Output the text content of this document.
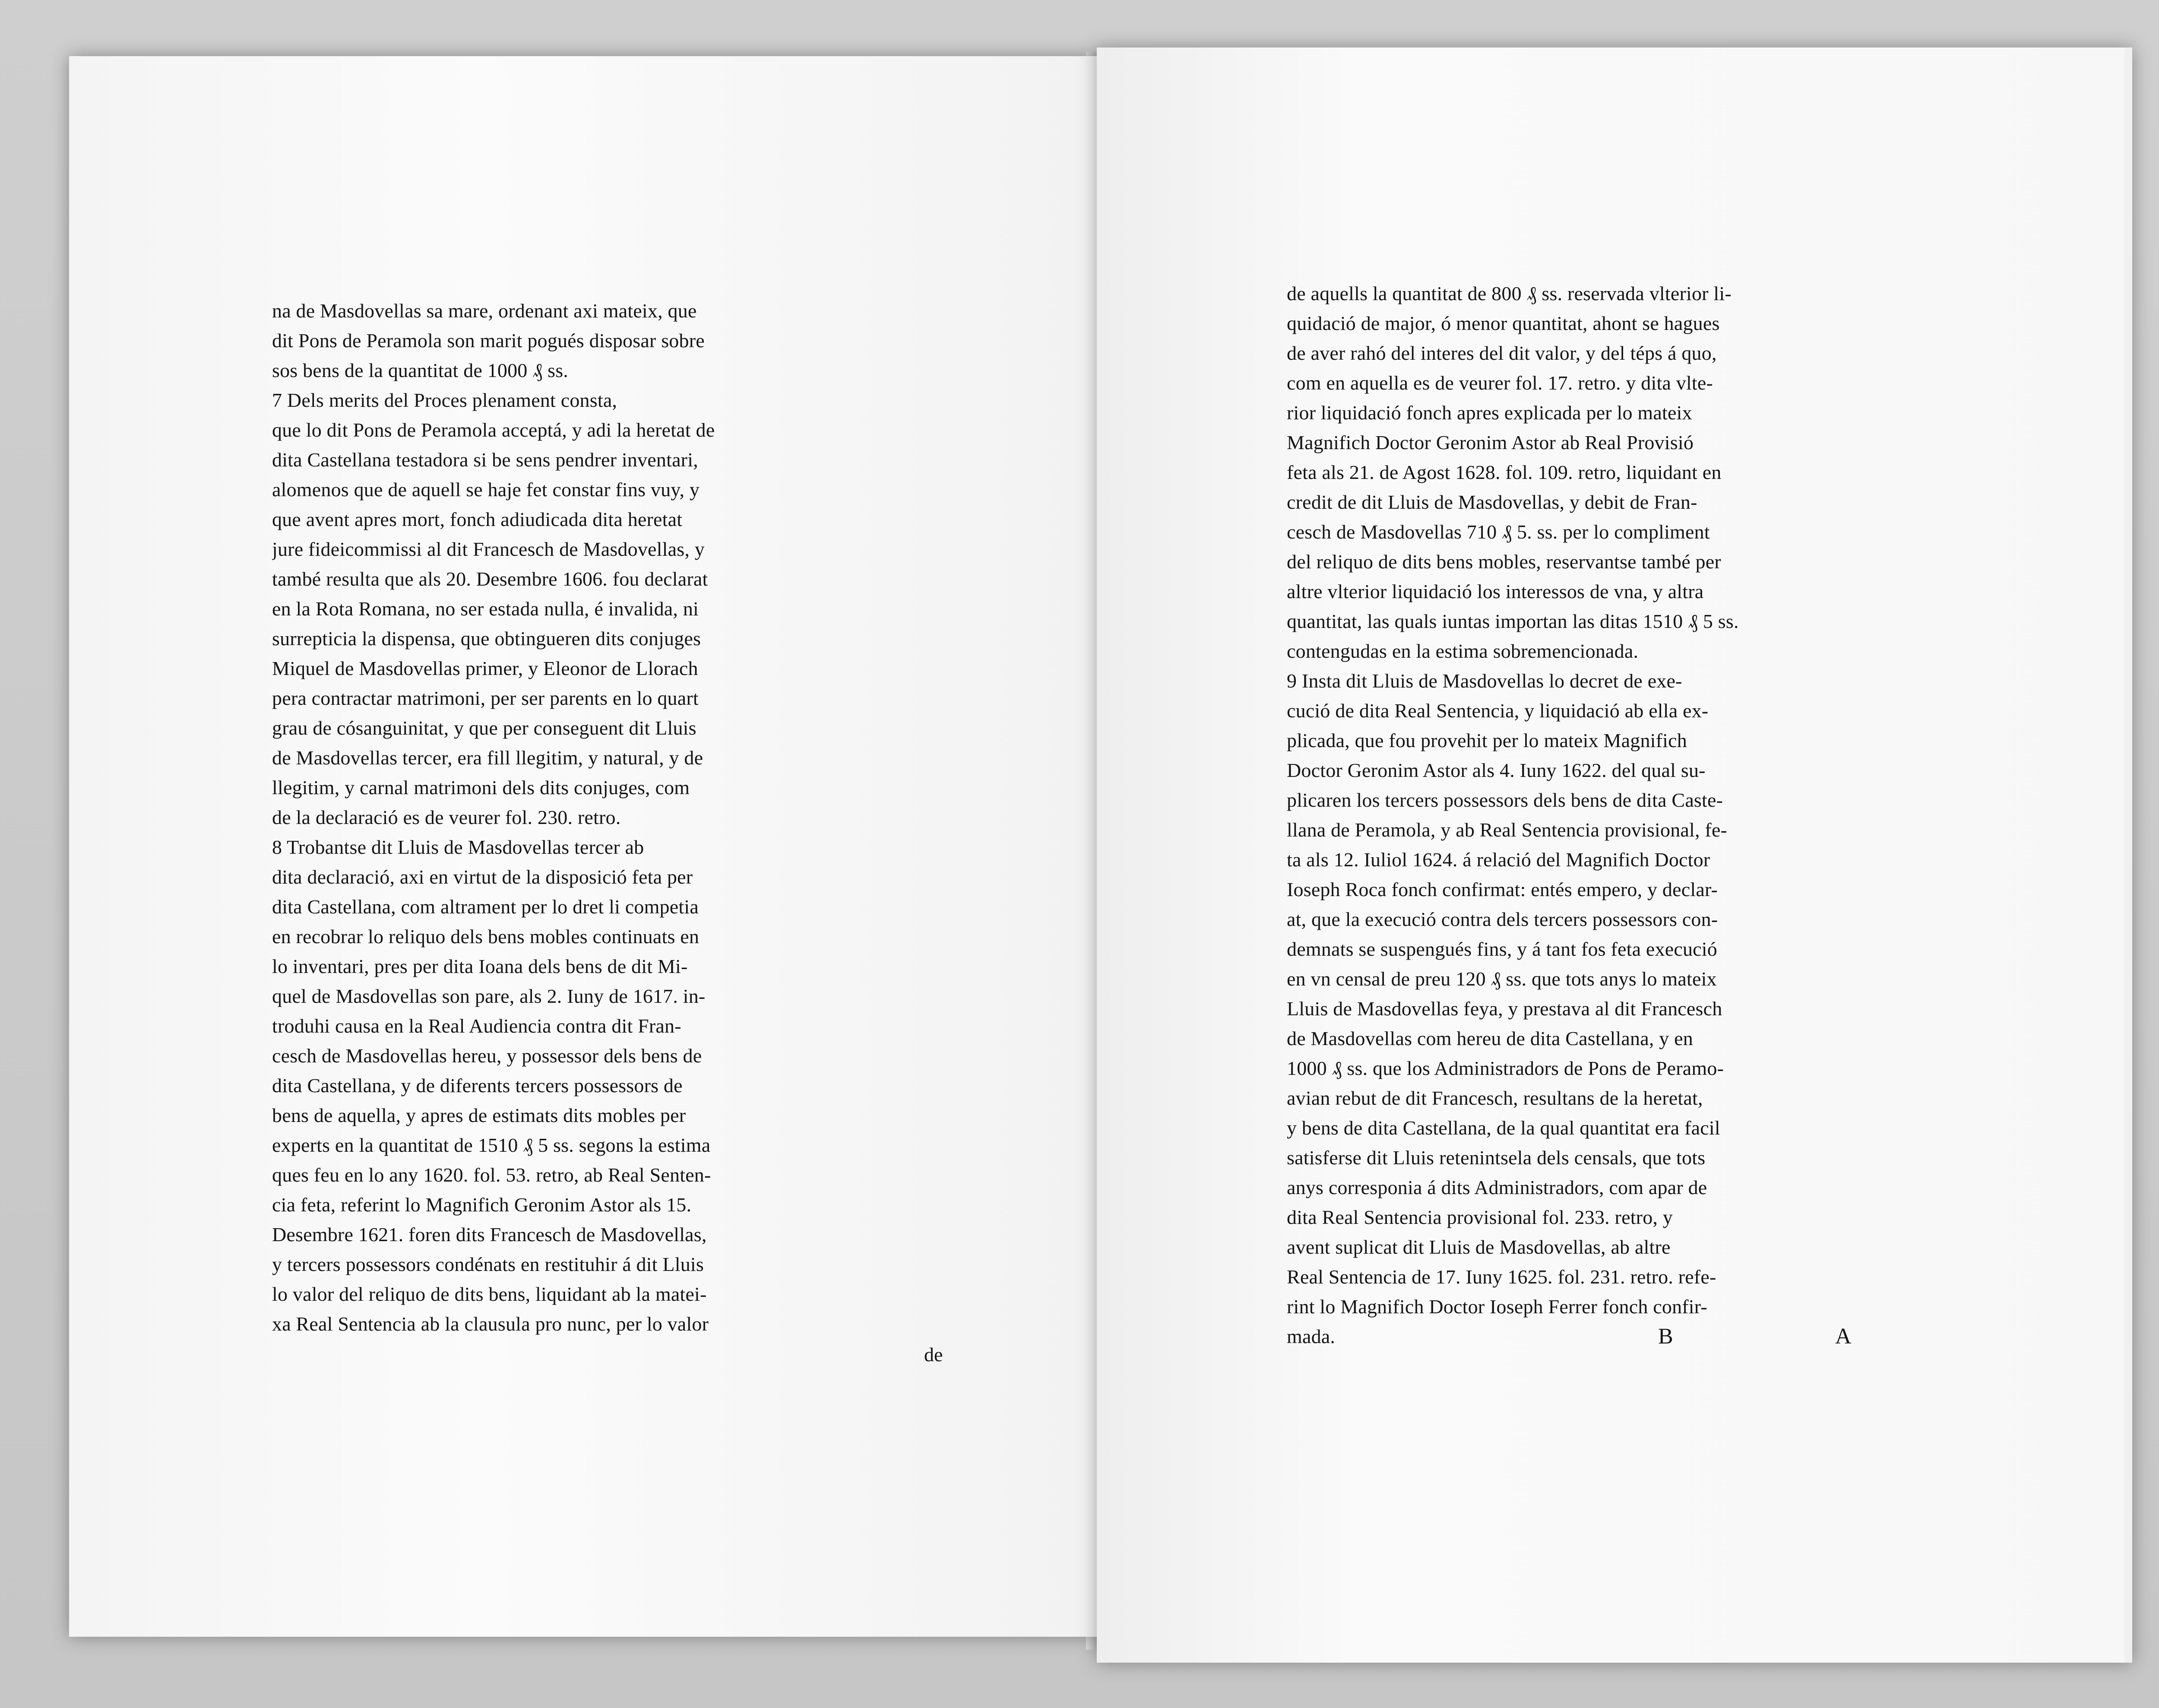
na de Masdovellas sa mare, ordenant axi mateix, que
dit Pons de Peramola son marit pogués disposar sobre
sos bens de la quantitat de 1000 ₰ ss.
7 Dels merits del Proces plenament consta,
que lo dit Pons de Peramola acceptá, y adi la heretat de
dita Castellana testadora si be sens pendrer inventari,
alomenos que de aquell se haje fet constar fins vuy, y
que avent apres mort, fonch adiudicada dita heretat
jure fideicommissi al dit Francesch de Masdovellas, y
també resulta que als 20. Desembre 1606. fou declarat
en la Rota Romana, no ser estada nulla, é invalida, ni
surrepticia la dispensa, que obtingueren dits conjuges
Miquel de Masdovellas primer, y Eleonor de Llorach
pera contractar matrimoni, per ser parents en lo quart
grau de cósanguinitat, y que per conseguent dit Lluis
de Masdovellas tercer, era fill llegitim, y natural, y de
llegitim, y carnal matrimoni dels dits conjuges, com
de la declaració es de veurer fol. 230. retro.
8 Trobantse dit Lluis de Masdovellas tercer ab
dita declaració, axi en virtut de la disposició feta per
dita Castellana, com altrament per lo dret li competia
en recobrar lo reliquo dels bens mobles continuats en
lo inventari, pres per dita Ioana dels bens de dit Mi-
quel de Masdovellas son pare, als 2. Iuny de 1617. in-
troduhi causa en la Real Audiencia contra dit Fran-
cesch de Masdovellas hereu, y possessor dels bens de
dita Castellana, y de diferents tercers possessors de
bens de aquella, y apres de estimats dits mobles per
experts en la quantitat de 1510 ₰ 5 ss. segons la estima
ques feu en lo any 1620. fol. 53. retro, ab Real Senten-
cia feta, referint lo Magnifich Geronim Astor als 15.
Desembre 1621. foren dits Francesch de Masdovellas,
y tercers possessors condénats en restituhir á dit Lluis
lo valor del reliquo de dits bens, liquidant ab la matei-
xa Real Sentencia ab la clausula pro nunc, per lo valor
de
de aquells la quantitat de 800 ₰ ss. reservada vlterior li-
quidació de major, ó menor quantitat, ahont se hagues
de aver rahó del interes del dit valor, y del téps á quo,
com en aquella es de veurer fol. 17. retro. y dita vlte-
rior liquidació fonch apres explicada per lo mateix
Magnifich Doctor Geronim Astor ab Real Provisió
feta als 21. de Agost 1628. fol. 109. retro, liquidant en
credit de dit Lluis de Masdovellas, y debit de Fran-
cesch de Masdovellas 710 ₰ 5. ss. per lo compliment
del reliquo de dits bens mobles, reservantse també per
altre vlterior liquidació los interessos de vna, y altra
quantitat, las quals iuntas importan las ditas 1510 ₰ 5 ss.
contengudas en la estima sobremencionada.
9 Insta dit Lluis de Masdovellas lo decret de exe-
cució de dita Real Sentencia, y liquidació ab ella ex-
plicada, que fou provehit per lo mateix Magnifich
Doctor Geronim Astor als 4. Iuny 1622. del qual su-
plicaren los tercers possessors dels bens de dita Caste-
llana de Peramola, y ab Real Sentencia provisional, fe-
ta als 12. Iuliol 1624. á relació del Magnifich Doctor
Ioseph Roca fonch confirmat: entés empero, y declar-
at, que la execució contra dels tercers possessors con-
demnats se suspengués fins, y á tant fos feta execució
en vn censal de preu 120 ₰ ss. que tots anys lo mateix
Lluis de Masdovellas feya, y prestava al dit Francesch
de Masdovellas com hereu de dita Castellana, y en
1000 ₰ ss. que los Administradors de Pons de Peramo-
avian rebut de dit Francesch, resultans de la heretat,
y bens de dita Castellana, de la qual quantitat era facil
satisferse dit Lluis retenintsela dels censals, que tots
anys corresponia á dits Administradors, com apar de
dita Real Sentencia provisional fol. 233. retro, y
avent suplicat dit Lluis de Masdovellas, ab altre
Real Sentencia de 17. Iuny 1625. fol. 231. retro. refe-
rint lo Magnifich Doctor Ioseph Ferrer fonch confir-
mada.	B	A
